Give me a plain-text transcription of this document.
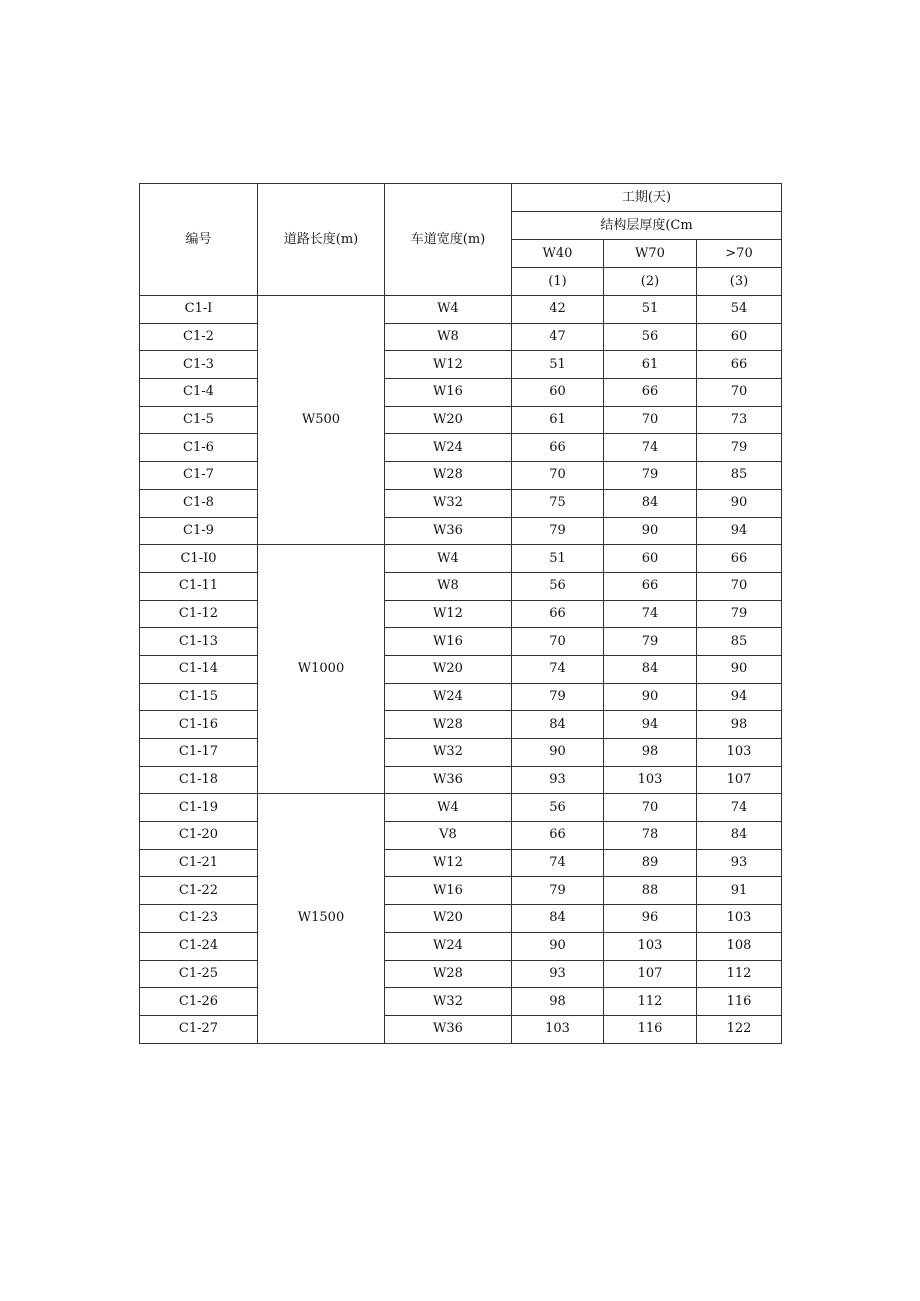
编号	道路长度(m)	车道宽度(m)	工期(天)		
			结构层厚度(Cm		
			W40	W70	>70
			(1)	(2)	(3)
C1-I	W500	W4	42	51	54
C1-2		W8	47	56	60
C1-3		W12	51	61	66
C1-4		W16	60	66	70
C1-5		W20	61	70	73
C1-6		W24	66	74	79
C1-7		W28	70	79	85
C1-8		W32	75	84	90
C1-9		W36	79	90	94
C1-I0	W1000	W4	51	60	66
C1-11		W8	56	66	70
C1-12		W12	66	74	79
C1-13		W16	70	79	85
C1-14		W20	74	84	90
C1-15		W24	79	90	94
C1-16		W28	84	94	98
C1-17		W32	90	98	103
C1-18		W36	93	103	107
C1-19	W1500	W4	56	70	74
C1-20		V8	66	78	84
C1-21		W12	74	89	93
C1-22		W16	79	88	91
C1-23		W20	84	96	103
C1-24		W24	90	103	108
C1-25		W28	93	107	112
C1-26		W32	98	112	116
C1-27		W36	103	116	122
